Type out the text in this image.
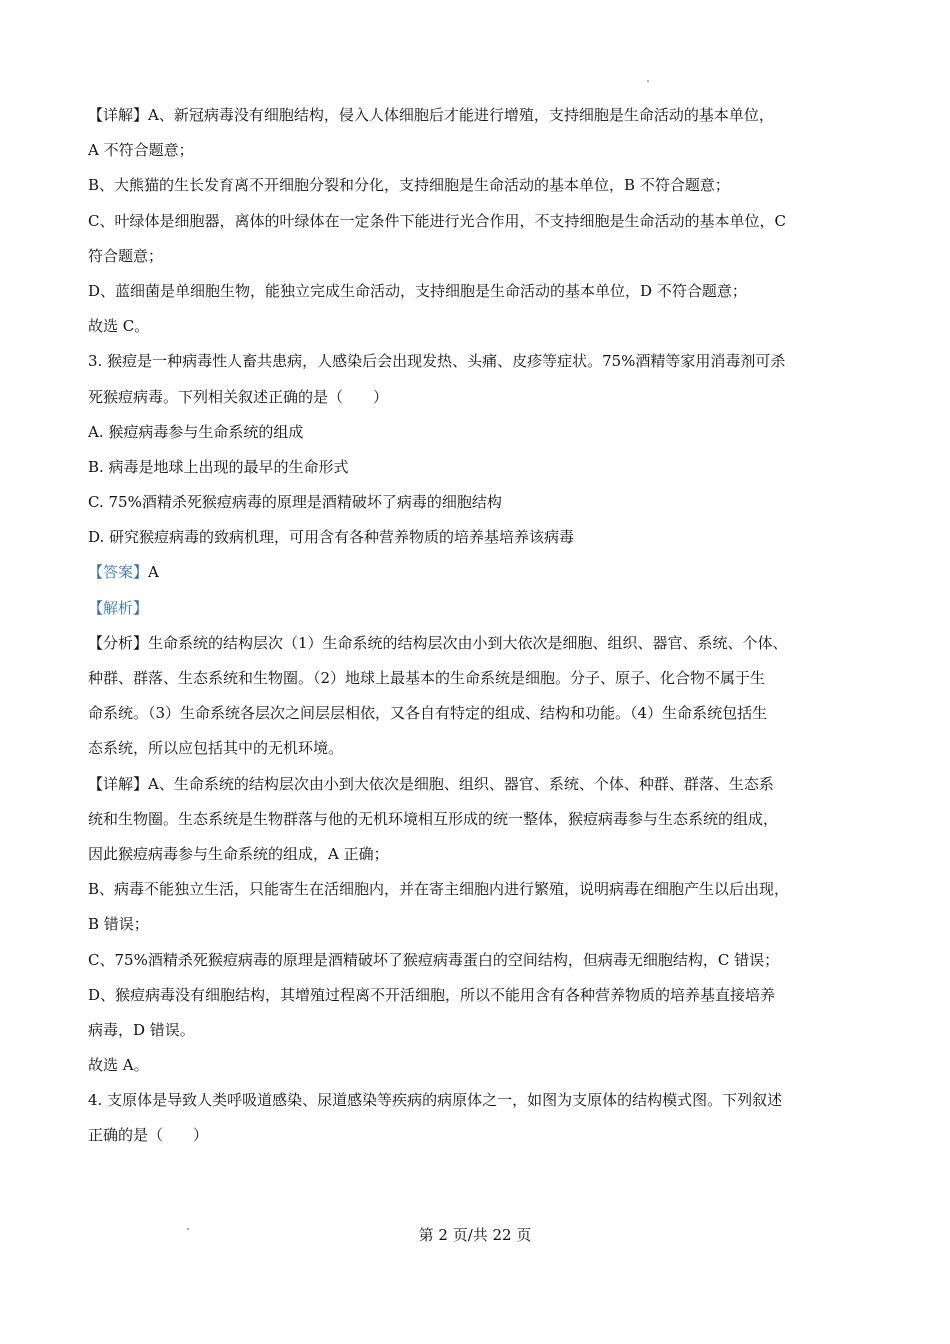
【详解】A、新冠病毒没有细胞结构，侵入人体细胞后才能进行增殖，支持细胞是生命活动的基本单位，
A 不符合题意；
B、大熊猫的生长发育离不开细胞分裂和分化，支持细胞是生命活动的基本单位，B 不符合题意；
C、叶绿体是细胞器，离体的叶绿体在一定条件下能进行光合作用，不支持细胞是生命活动的基本单位，C
符合题意；
D、蓝细菌是单细胞生物，能独立完成生命活动，支持细胞是生命活动的基本单位，D 不符合题意；
故选 C。
3. 猴痘是一种病毒性人畜共患病，人感染后会出现发热、头痛、皮疹等症状。75%酒精等家用消毒剂可杀
死猴痘病毒。下列相关叙述正确的是（　　）
A. 猴痘病毒参与生命系统的组成
B. 病毒是地球上出现的最早的生命形式
C. 75%酒精杀死猴痘病毒的原理是酒精破坏了病毒的细胞结构
D. 研究猴痘病毒的致病机理，可用含有各种营养物质的培养基培养该病毒
【答案】A
【解析】
【分析】生命系统的结构层次（1）生命系统的结构层次由小到大依次是细胞、组织、器官、系统、个体、
种群、群落、生态系统和生物圈。（2）地球上最基本的生命系统是细胞。分子、原子、化合物不属于生
命系统。（3）生命系统各层次之间层层相依，又各自有特定的组成、结构和功能。（4）生命系统包括生
态系统，所以应包括其中的无机环境。
【详解】A、生命系统的结构层次由小到大依次是细胞、组织、器官、系统、个体、种群、群落、生态系
统和生物圈。生态系统是生物群落与他的无机环境相互形成的统一整体，猴痘病毒参与生态系统的组成，
因此猴痘病毒参与生命系统的组成，A 正确；
B、病毒不能独立生活，只能寄生在活细胞内，并在寄主细胞内进行繁殖，说明病毒在细胞产生以后出现，
B 错误；
C、75%酒精杀死猴痘病毒的原理是酒精破坏了猴痘病毒蛋白的空间结构，但病毒无细胞结构，C 错误；
D、猴痘病毒没有细胞结构，其增殖过程离不开活细胞，所以不能用含有各种营养物质的培养基直接培养
病毒，D 错误。
故选 A。
4. 支原体是导致人类呼吸道感染、尿道感染等疾病的病原体之一，如图为支原体的结构模式图。下列叙述
正确的是（　　）
第 2 页/共 22 页
